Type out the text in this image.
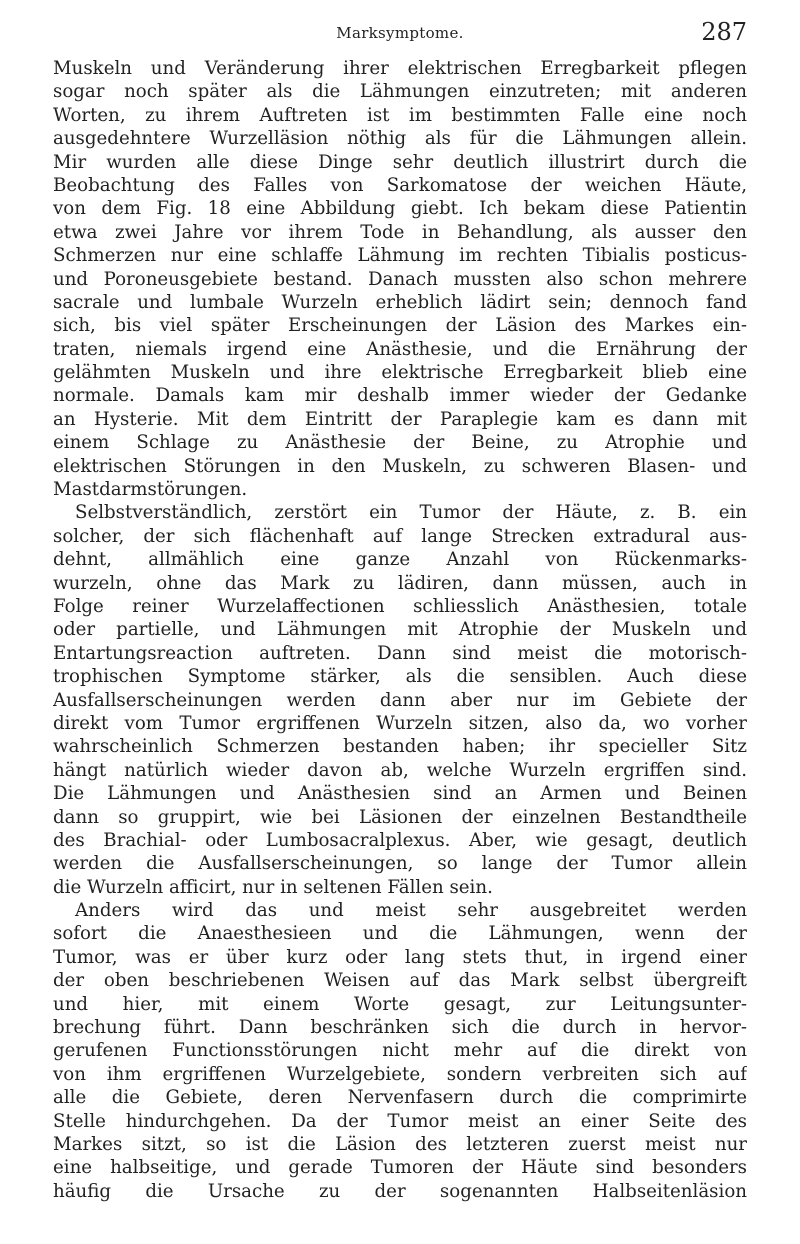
Marksymptome.	287
Muskeln und Veränderung ihrer elektrischen Erregbarkeit pflegen
sogar noch später als die Lähmungen einzutreten; mit anderen
Worten, zu ihrem Auftreten ist im bestimmten Falle eine noch
ausgedehntere Wurzelläsion nöthig als für die Lähmungen allein.
Mir wurden alle diese Dinge sehr deutlich illustrirt durch die
Beobachtung des Falles von Sarkomatose der weichen Häute,
von dem Fig. 18 eine Abbildung giebt. Ich bekam diese Patientin
etwa zwei Jahre vor ihrem Tode in Behandlung, als ausser den
Schmerzen nur eine schlaffe Lähmung im rechten Tibialis posticus-
und Poroneusgebiete bestand. Danach mussten also schon mehrere
sacrale und lumbale Wurzeln erheblich lädirt sein; dennoch fand
sich, bis viel später Erscheinungen der Läsion des Markes ein-
traten, niemals irgend eine Anästhesie, und die Ernährung der
gelähmten Muskeln und ihre elektrische Erregbarkeit blieb eine
normale. Damals kam mir deshalb immer wieder der Gedanke
an Hysterie. Mit dem Eintritt der Paraplegie kam es dann mit
einem Schlage zu Anästhesie der Beine, zu Atrophie und
elektrischen Störungen in den Muskeln, zu schweren Blasen- und
Mastdarmstörungen.
Selbstverständlich, zerstört ein Tumor der Häute, z. B. ein
solcher, der sich flächenhaft auf lange Strecken extradural aus-
dehnt, allmählich eine ganze Anzahl von Rückenmarks-
wurzeln, ohne das Mark zu lädiren, dann müssen, auch in
Folge reiner Wurzelaffectionen schliesslich Anästhesien, totale
oder partielle, und Lähmungen mit Atrophie der Muskeln und
Entartungsreaction auftreten. Dann sind meist die motorisch-
trophischen Symptome stärker, als die sensiblen. Auch diese
Ausfallserscheinungen werden dann aber nur im Gebiete der
direkt vom Tumor ergriffenen Wurzeln sitzen, also da, wo vorher
wahrscheinlich Schmerzen bestanden haben; ihr specieller Sitz
hängt natürlich wieder davon ab, welche Wurzeln ergriffen sind.
Die Lähmungen und Anästhesien sind an Armen und Beinen
dann so gruppirt, wie bei Läsionen der einzelnen Bestandtheile
des Brachial- oder Lumbosacralplexus. Aber, wie gesagt, deutlich
werden die Ausfallserscheinungen, so lange der Tumor allein
die Wurzeln afficirt, nur in seltenen Fällen sein.
Anders wird das und meist sehr ausgebreitet werden
sofort die Anaesthesieen und die Lähmungen, wenn der
Tumor, was er über kurz oder lang stets thut, in irgend einer
der oben beschriebenen Weisen auf das Mark selbst übergreift
und hier, mit einem Worte gesagt, zur Leitungsunter-
brechung führt. Dann beschränken sich die durch in hervor-
gerufenen Functionsstörungen nicht mehr auf die direkt von
von ihm ergriffenen Wurzelgebiete, sondern verbreiten sich auf
alle die Gebiete, deren Nervenfasern durch die comprimirte
Stelle hindurchgehen. Da der Tumor meist an einer Seite des
Markes sitzt, so ist die Läsion des letzteren zuerst meist nur
eine halbseitige, und gerade Tumoren der Häute sind besonders
häufig die Ursache zu der sogenannten Halbseitenläsion
